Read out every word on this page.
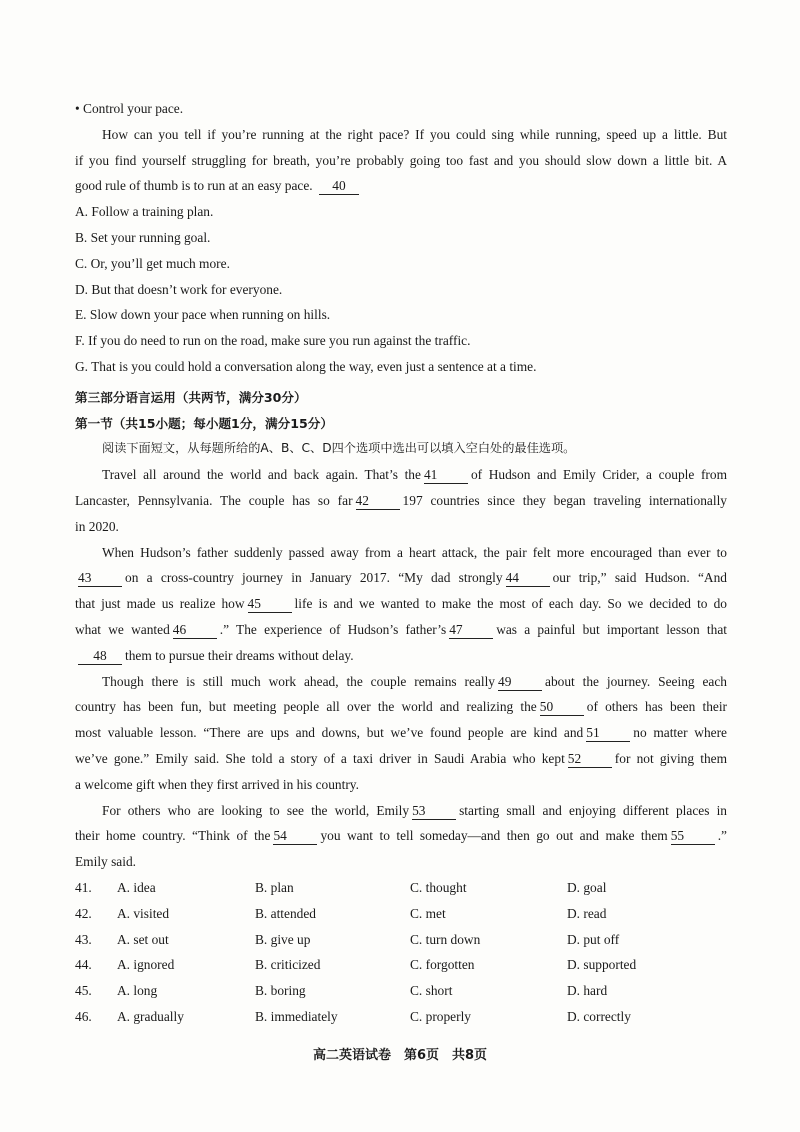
• Control your pace.
How can you tell if you’re running at the right pace? If you could sing while running, speed up a little. But
if you find yourself struggling for breath, you’re probably going too fast and you should slow down a little bit. A
good rule of thumb is to run at an easy pace. 40
A. Follow a training plan.
B. Set your running goal.
C. Or, you’ll get much more.
D. But that doesn’t work for everyone.
E. Slow down your pace when running on hills.
F. If you do need to run on the road, make sure you run against the traffic.
G. That is you could hold a conversation along the way, even just a sentence at a time.
第三部分语言运用（共两节，满分30分）
第一节（共15小题；每小题1分，满分15分）
阅读下面短文，从每题所给的A、B、C、D四个选项中选出可以填入空白处的最佳选项。
Travel all around the world and back again. That’s the 41	of Hudson and Emily Crider, a couple from
Lancaster, Pennsylvania. The couple has so far 42	197 countries since they began traveling internationally
in 2020.
When Hudson’s father suddenly passed away from a heart attack, the pair felt more encouraged than ever to
43	on a cross-country journey in January 2017. “My dad strongly 44	our trip,” said Hudson. “And
that just made us realize how 45	life is and we wanted to make the most of each day. So we decided to do
what we wanted 46	.” The experience of Hudson’s father’s 47	was a painful but important lesson that
48 them to pursue their dreams without delay.
Though there is still much work ahead, the couple remains really 49	about the journey. Seeing each
country has been fun, but meeting people all over the world and realizing the 50	of others has been their
most valuable lesson. “There are ups and downs, but we’ve found people are kind and 51	no matter where
we’ve gone.” Emily said. She told a story of a taxi driver in Saudi Arabia who kept 52	for not giving them
a welcome gift when they first arrived in his country.
For others who are looking to see the world, Emily 53	starting small and enjoying different places in
their home country. “Think of the 54	you want to tell someday—and then go out and make them 55	.”
Emily said.
41.	A. idea	B. plan	C. thought	D. goal
42.	A. visited	B. attended	C. met	D. read
43.	A. set out	B. give up	C. turn down	D. put off
44.	A. ignored	B. criticized	C. forgotten	D. supported
45.	A. long	B. boring	C. short	D. hard
46.	A. gradually	B. immediately	C. properly	D. correctly
高二英语试卷　第6页　共8页
